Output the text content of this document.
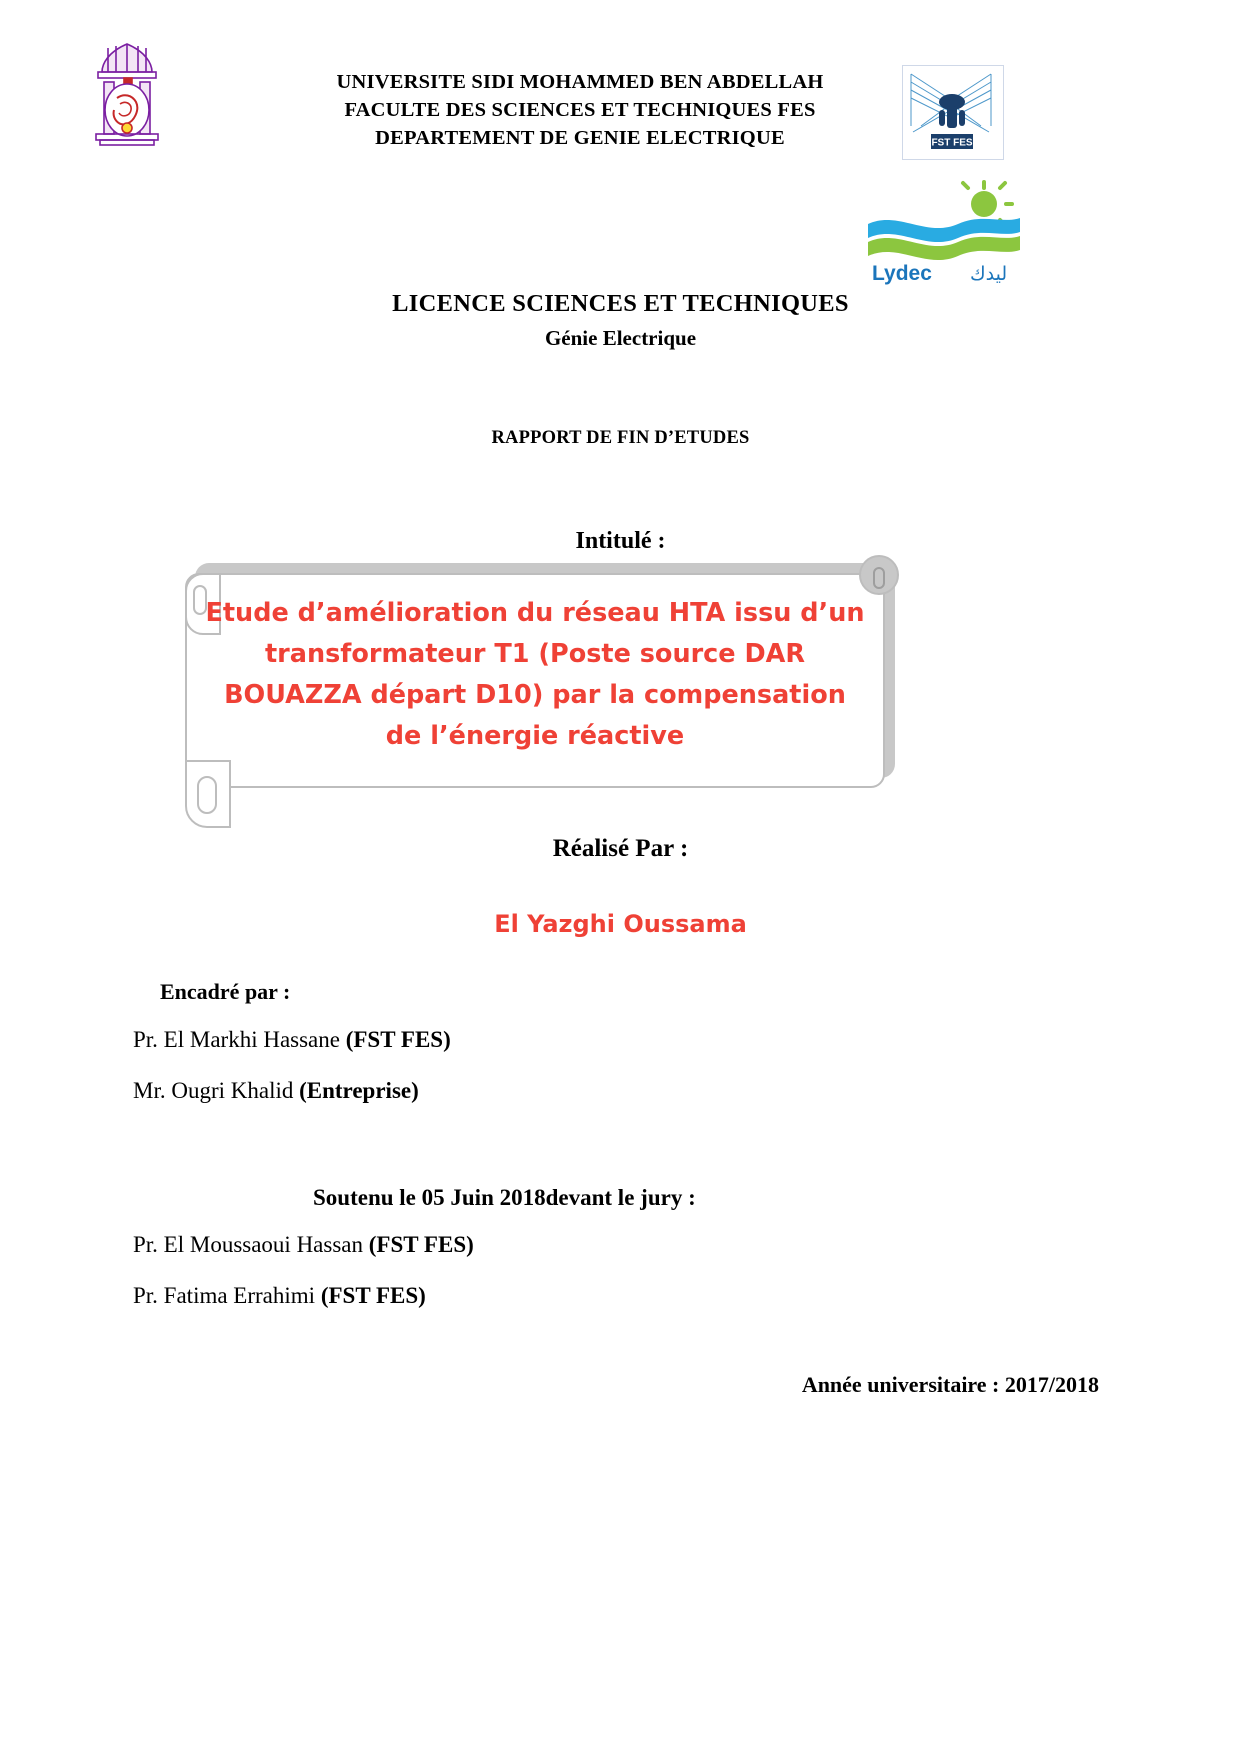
UNIVERSITE SIDI MOHAMMED BEN ABDELLAH
FACULTE DES SCIENCES ET TECHNIQUES FES
DEPARTEMENT DE GENIE ELECTRIQUE	FST FES
Lydec ليدك
LICENCE SCIENCES ET TECHNIQUES
Génie Electrique
RAPPORT DE FIN D’ETUDES
Intitulé :
Etude d’amélioration du réseau HTA issu d’un transformateur T1 (Poste source DAR BOUAZZA départ D10) par la compensation de l’énergie réactive
Réalisé Par :
El Yazghi Oussama
Encadré par :
Pr. El Markhi Hassane (FST FES)
Mr. Ougri Khalid (Entreprise)
Soutenu le 05 Juin 2018devant le jury :
Pr. El Moussaoui Hassan (FST FES)
Pr. Fatima Errahimi (FST FES)
Année universitaire : 2017/2018
